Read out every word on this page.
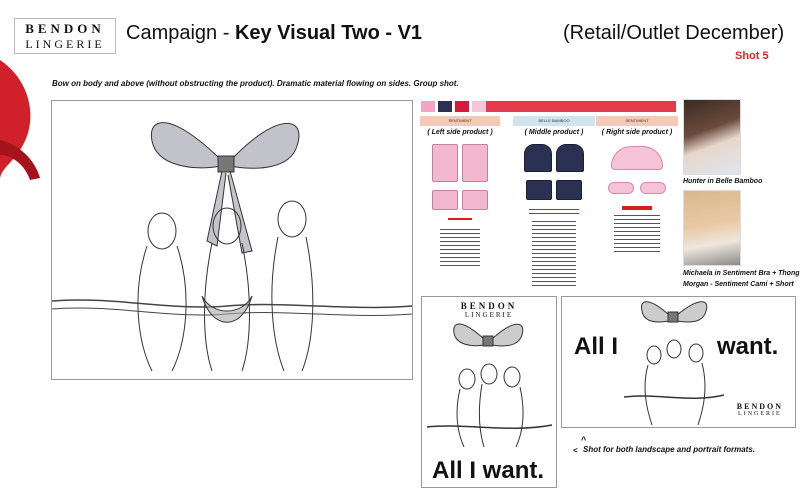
BENDON
LINGERIE	Campaign - Key Visual Two - V1	(Retail/Outlet December)
Shot 5
Bow on body and above (without obstructing the product). Dramatic material flowing on sides. Group shot.
SENTIMENT
( Left side product )
BELLE BAMBOO
( Middle product )
SENTIMENT
( Right side product )
Hunter in Belle Bamboo
Michaela in Sentiment Bra + Thong
Morgan - Sentiment Cami + Short
BENDON
LINGERIE
All I want.
All I	want.
BENDON
LINGERIE
^
< Shot for both landscape and portrait formats.
